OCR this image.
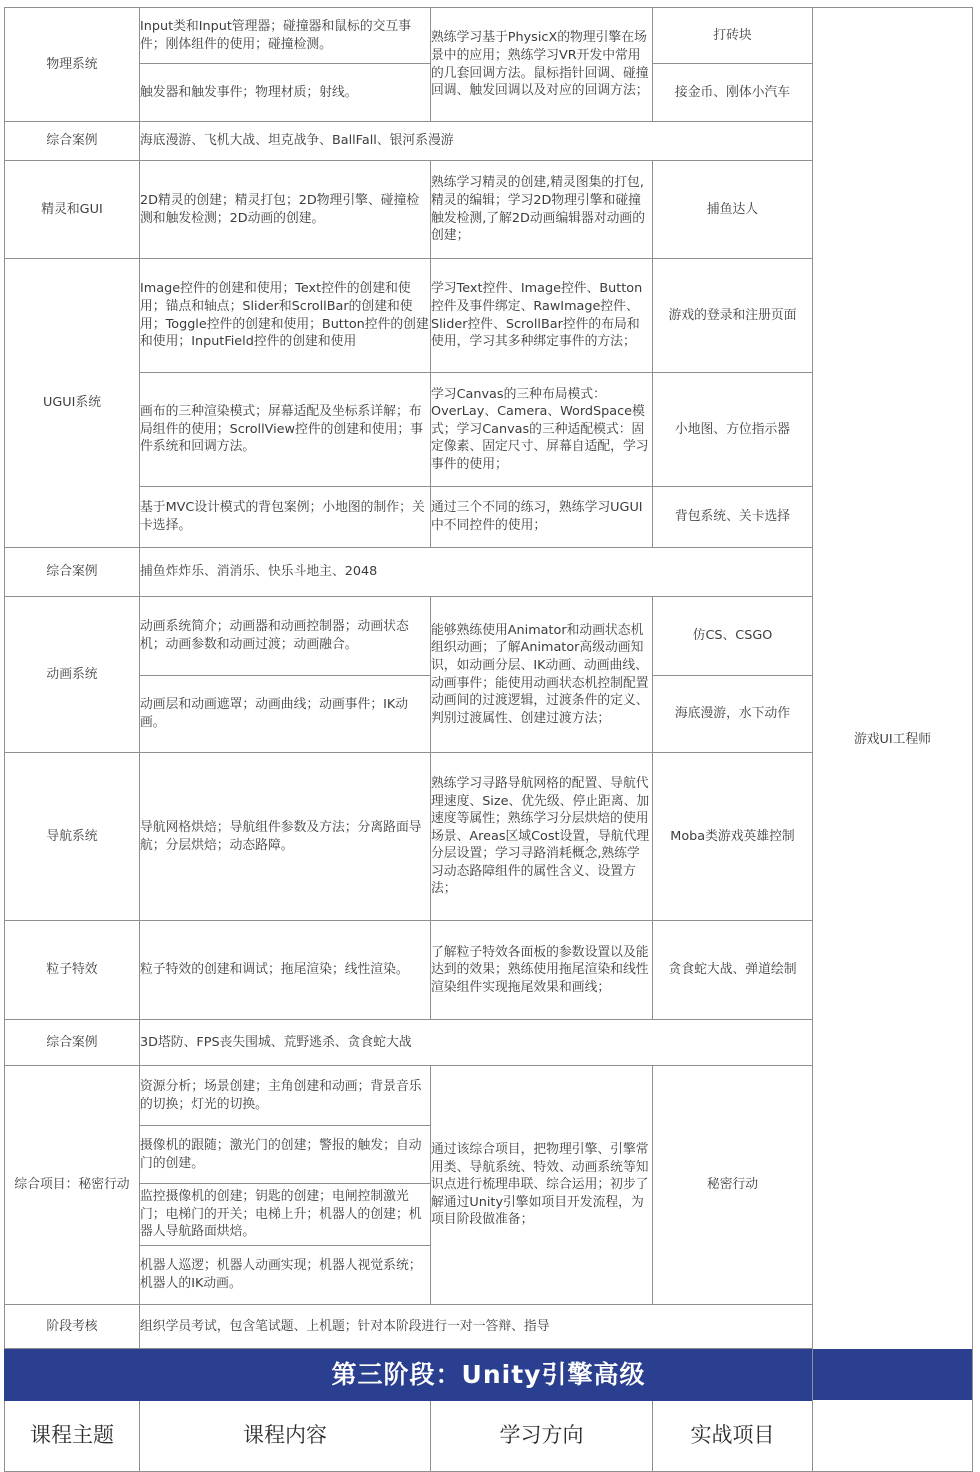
物理系统	Input类和Input管理器；碰撞器和鼠标的交互事件；刚体组件的使用；碰撞检测。	熟练学习基于PhysicX的物理引擎在场景中的应用；熟练学习VR开发中常用的几套回调方法。鼠标指针回调、碰撞回调、触发回调以及对应的回调方法；	打砖块	游戏UI工程师	
	触发器和触发事件；物理材质；射线。		接金币、刚体小汽车		
综合案例	海底漫游、飞机大战、坦克战争、BallFall、银河系漫游				
精灵和GUI	2D精灵的创建；精灵打包；2D物理引擎、碰撞检测和触发检测；2D动画的创建。	熟练学习精灵的创建,精灵图集的打包,精灵的编辑；学习2D物理引擎和碰撞触发检测,了解2D动画编辑器对动画的创建；	捕鱼达人		
UGUI系统	Image控件的创建和使用；Text控件的创建和使用；锚点和轴点；Slider和ScrollBar的创建和使用；Toggle控件的创建和使用；Button控件的创建和使用；InputField控件的创建和使用	学习Text控件、Image控件、Button控件及事件绑定、RawImage控件、Slider控件、ScrollBar控件的布局和使用，学习其多种绑定事件的方法；	游戏的登录和注册页面		
	画布的三种渲染模式；屏幕适配及坐标系详解；布局组件的使用；ScrollView控件的创建和使用；事件系统和回调方法。	学习Canvas的三种布局模式：OverLay、Camera、WordSpace模式；学习Canvas的三种适配模式：固定像素、固定尺寸、屏幕自适配，学习事件的使用；	小地图、方位指示器		
	基于MVC设计模式的背包案例；小地图的制作；关卡选择。	通过三个不同的练习，熟练学习UGUI中不同控件的使用；	背包系统、关卡选择		
综合案例	捕鱼炸炸乐、消消乐、快乐斗地主、2048				
动画系统	动画系统简介；动画器和动画控制器；动画状态机；动画参数和动画过渡；动画融合。	能够熟练使用Animator和动画状态机组织动画；了解Animator高级动画知识，如动画分层、IK动画、动画曲线、动画事件；能使用动画状态机控制配置动画间的过渡逻辑，过渡条件的定义、判别过渡属性、创建过渡方法；	仿CS、CSGO		
	动画层和动画遮罩；动画曲线；动画事件；IK动画。		海底漫游，水下动作		
导航系统	导航网格烘焙；导航组件参数及方法；分离路面导航；分层烘焙；动态路障。	熟练学习寻路导航网格的配置、导航代理速度、Size、优先级、停止距离、加速度等属性；熟练学习分层烘焙的使用场景、Areas区域Cost设置，导航代理分层设置；学习寻路消耗概念,熟练学习动态路障组件的属性含义、设置方法；	Moba类游戏英雄控制		
粒子特效	粒子特效的创建和调试；拖尾渲染；线性渲染。	了解粒子特效各面板的参数设置以及能达到的效果；熟练使用拖尾渲染和线性渲染组件实现拖尾效果和画线；	贪食蛇大战、弹道绘制		
综合案例	3D塔防、FPS丧失围城、荒野逃杀、贪食蛇大战				
综合项目：秘密行动	资源分析；场景创建；主角创建和动画；背景音乐的切换；灯光的切换。	通过该综合项目，把物理引擎、引擎常用类、导航系统、特效、动画系统等知识点进行梳理串联、综合运用；初步了解通过Unity引擎如项目开发流程，为项目阶段做准备；	秘密行动		
	摄像机的跟随；激光门的创建；警报的触发；自动门的创建。				
	监控摄像机的创建；钥匙的创建；电闸控制激光门；电梯门的开关；电梯上升；机器人的创建；机器人导航路面烘焙。				
	机器人巡逻；机器人动画实现；机器人视觉系统；机器人的IK动画。				
阶段考核	组织学员考试，包含笔试题、上机题；针对本阶段进行一对一答辩、指导				
第三阶段：Unity引擎高级					
课程主题	课程内容	学习方向	实战项目	
